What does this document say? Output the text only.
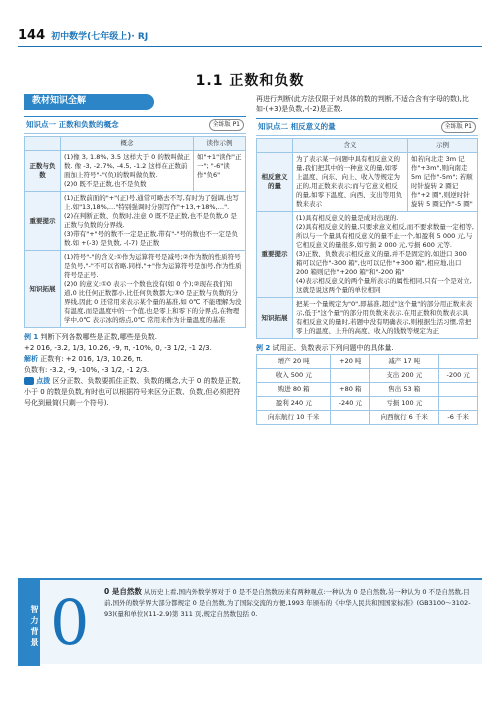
144 初中数学(七年级上)· RJ
1.1 正数和负数
教材知识全解
知识点一 正数和负数的概念	全练版 P1
	概念	读作示例
正数与负数	(1)像 3, 1.8%, 3.5 这样大于 0 的数叫做正数. 像 -3, -2.7%, -4.5, -1.2 这样在正数前面加上符号"-"(负)的数叫做负数.
(2)0 既不是正数,也不是负数	如"+1"读作"正一"; "-6"读作"负6"
重要提示	(1)正数前面的"+"(正)号,通常可略去不写,有时为了强调,也写上.如"13,18%,…"特别强调时分别写作"+13,+18%,…".
(2)在判断正数、负数时,注意 0 既不是正数,也不是负数,0 是正数与负数的分界线.
(3)带有"+"号的数不一定是正数,带有"-"号的数也不一定是负数.如 +(-3) 是负数, -(-7) 是正数	
知识拓展	(1)符号"-"的含义:①作为运算符号是减号;②作为数的性质符号是负号,"-"不可以省略.同样,"+"作为运算符号是加号,作为性质符号是正号.
(2)0 的意义:①0 表示一个数也没有(如 0 个);②现在我们知道,0 比任何正数都小,比任何负数都大;③0 是正数与负数的分界线,因此 0 还常用来表示某个量的基准,如 0℃ 不能理解为没有温度,而是温度中的一个值,也是零上和零下的分界点,在物理学中,0℃ 表示冰的熔点,0℃ 常用来作为计量温度的基准	
例 1 判断下列各数哪些是正数,哪些是负数.
+2 016, -3.2, 1/3, 10.26, -9, π, -10%, 0, -3 1/2, -1 2/3.
解析 正数有: +2 016, 1/3, 10.26, π.
负数有: -3.2, -9, -10%, -3 1/2, -1 2/3.
点拨 区分正数、负数要抓住正数、负数的概念,大于 0 的数是正数,小于 0 的数是负数,有时也可以根据符号来区分正数、负数,但必须把符号化到最简(只剩一个符号).
再进行判断(此方法仅限于对具体的数的判断,不适合含有字母的数),比如-(+3)是负数,-(-2)是正数.
知识点二 相反意义的量	全练版 P1
	含义	示例
相反意义的量	为了表示某一问题中具有相反意义的量,我们把其中的一种意义的量,如零上温度、向东、向上、收入等规定为正的,用正数来表示;而与它意义相反的量,如零下温度、向西、支出等用负数来表示	如若向北走 3m 记作"+3m",则向南走 5m 记作"-5m"; 若顺时针旋转 2 圈记作"+2 圈",则逆时针旋转 5 圈记作"-5 圈"
重要提示	(1)具有相反意义的量是成对出现的.
(2)具有相反意义的量,只要求意义相反,而不要求数量一定相等,所以与一个量具有相反意义的量不止一个,如盈利 5 000 元,与它相反意义的量很多,如亏损 2 000 元,亏损 600 元等.
(3)正数、负数表示相反意义的量,并不是固定的,如进口 300 箱可以记作"-300 箱",也可以记作"+300 箱",相应地,出口 200 箱则记作"+200 箱"和"-200 箱"
(4)表示相反意义的两个量所表示的属性相同,只有一个是对立,这就是说这两个量的单位相同	
知识拓展	把某一个量规定为"0",即基准,超过"这个量"的部分用正数来表示,低于"这个量"的部分用负数来表示.在用正数和负数表示具有相反意义的量时,若题中没有明确表示,则根据生活习惯,常把零上的温度、上升的高度、收入的钱数等规定为正	
例 2 试用正、负数表示下列问题中的具体量.
增产 20 吨	+20 吨	减产 17 吨	
收入 500 元		支出 200 元	-200 元
购进 80 箱	+80 箱	售出 53 箱	
盈利 240 元	-240 元	亏损 100 元	
向东航行 10 千米		向西航行 6 千米	-6 千米
智力背景 0 0 是自然数 从历史上看,国内外数学界对于 0 是不是自然数历来有两种观点:一种认为 0 是自然数,另一种认为 0 不是自然数,目前,国外的数学界大部分都规定 0 是自然数,为了国际交流的方便,1993 年颁布的《中华人民共和国国家标准》(GB3100～3102-93)(量和单位)(11-2.9)第 311 页,规定自然数包括 0.
